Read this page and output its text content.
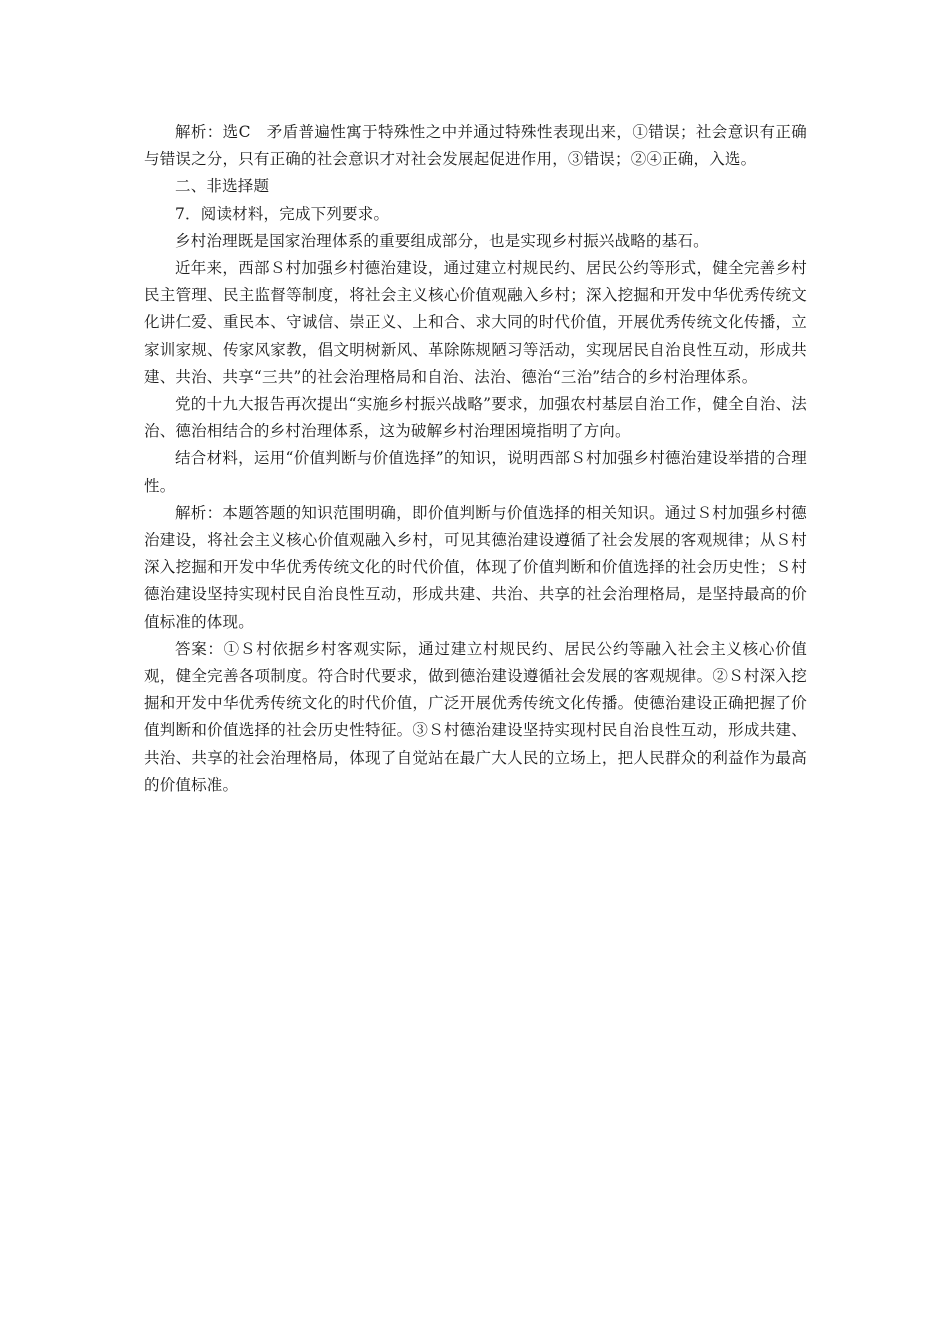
解析：选C　矛盾普遍性寓于特殊性之中并通过特殊性表现出来，①错误；社会意识有正确与错误之分，只有正确的社会意识才对社会发展起促进作用，③错误；②④正确，入选。

二、非选择题

7．阅读材料，完成下列要求。

乡村治理既是国家治理体系的重要组成部分，也是实现乡村振兴战略的基石。

近年来，西部Ｓ村加强乡村德治建设，通过建立村规民约、居民公约等形式，健全完善乡村民主管理、民主监督等制度，将社会主义核心价值观融入乡村；深入挖掘和开发中华优秀传统文化讲仁爱、重民本、守诚信、崇正义、上和合、求大同的时代价值，开展优秀传统文化传播，立家训家规、传家风家教，倡文明树新风、革除陈规陋习等活动，实现居民自治良性互动，形成共建、共治、共享“三共”的社会治理格局和自治、法治、德治“三治”结合的乡村治理体系。

党的十九大报告再次提出“实施乡村振兴战略”要求，加强农村基层自治工作，健全自治、法治、德治相结合的乡村治理体系，这为破解乡村治理困境指明了方向。

结合材料，运用“价值判断与价值选择”的知识，说明西部Ｓ村加强乡村德治建设举措的合理性。

解析：本题答题的知识范围明确，即价值判断与价值选择的相关知识。通过Ｓ村加强乡村德治建设，将社会主义核心价值观融入乡村，可见其德治建设遵循了社会发展的客观规律；从Ｓ村深入挖掘和开发中华优秀传统文化的时代价值，体现了价值判断和价值选择的社会历史性；Ｓ村德治建设坚持实现村民自治良性互动，形成共建、共治、共享的社会治理格局，是坚持最高的价值标准的体现。

答案：①Ｓ村依据乡村客观实际，通过建立村规民约、居民公约等融入社会主义核心价值观，健全完善各项制度。符合时代要求，做到德治建设遵循社会发展的客观规律。②Ｓ村深入挖掘和开发中华优秀传统文化的时代价值，广泛开展优秀传统文化传播。使德治建设正确把握了价值判断和价值选择的社会历史性特征。③Ｓ村德治建设坚持实现村民自治良性互动，形成共建、共治、共享的社会治理格局，体现了自觉站在最广大人民的立场上，把人民群众的利益作为最高的价值标准。
